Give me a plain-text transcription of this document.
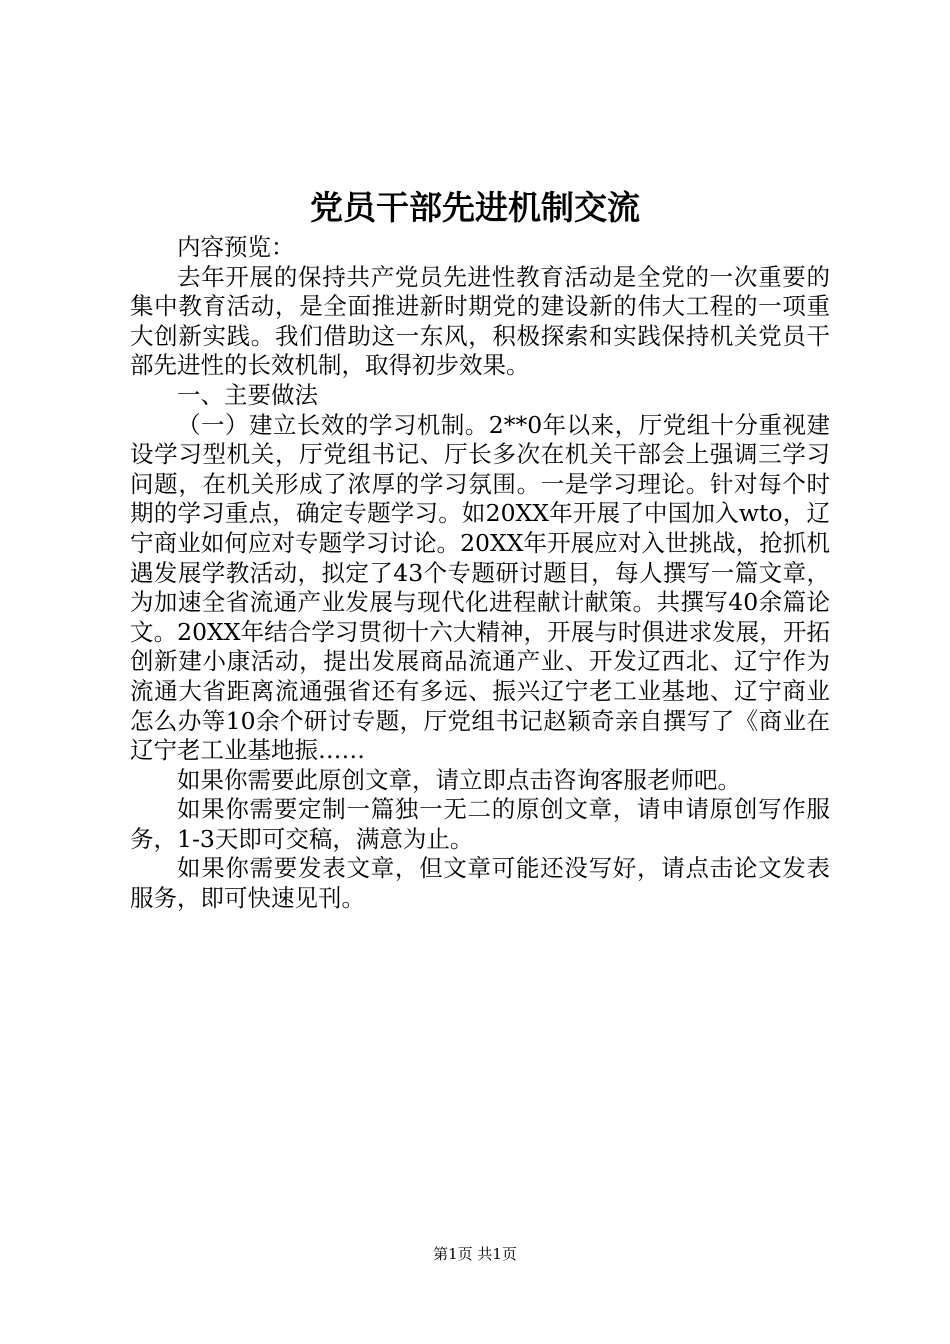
党员干部先进机制交流

内容预览：

去年开展的保持共产党员先进性教育活动是全党的一次重要的集中教育活动，是全面推进新时期党的建设新的伟大工程的一项重大创新实践。我们借助这一东风，积极探索和实践保持机关党员干部先进性的长效机制，取得初步效果。

一、主要做法

（一）建立长效的学习机制。2**0年以来，厅党组十分重视建设学习型机关，厅党组书记、厅长多次在机关干部会上强调三学习问题，在机关形成了浓厚的学习氛围。一是学习理论。针对每个时期的学习重点，确定专题学习。如20XX年开展了中国加入wto，辽宁商业如何应对专题学习讨论。20XX年开展应对入世挑战，抢抓机遇发展学教活动，拟定了43个专题研讨题目，每人撰写一篇文章，为加速全省流通产业发展与现代化进程献计献策。共撰写40余篇论文。20XX年结合学习贯彻十六大精神，开展与时俱进求发展，开拓创新建小康活动，提出发展商品流通产业、开发辽西北、辽宁作为流通大省距离流通强省还有多远、振兴辽宁老工业基地、辽宁商业怎么办等10余个研讨专题，厅党组书记赵颖奇亲自撰写了《商业在辽宁老工业基地振……

如果你需要此原创文章，请立即点击咨询客服老师吧。

如果你需要定制一篇独一无二的原创文章，请申请原创写作服务，1-3天即可交稿，满意为止。

如果你需要发表文章，但文章可能还没写好，请点击论文发表服务，即可快速见刊。

第1页 共1页
